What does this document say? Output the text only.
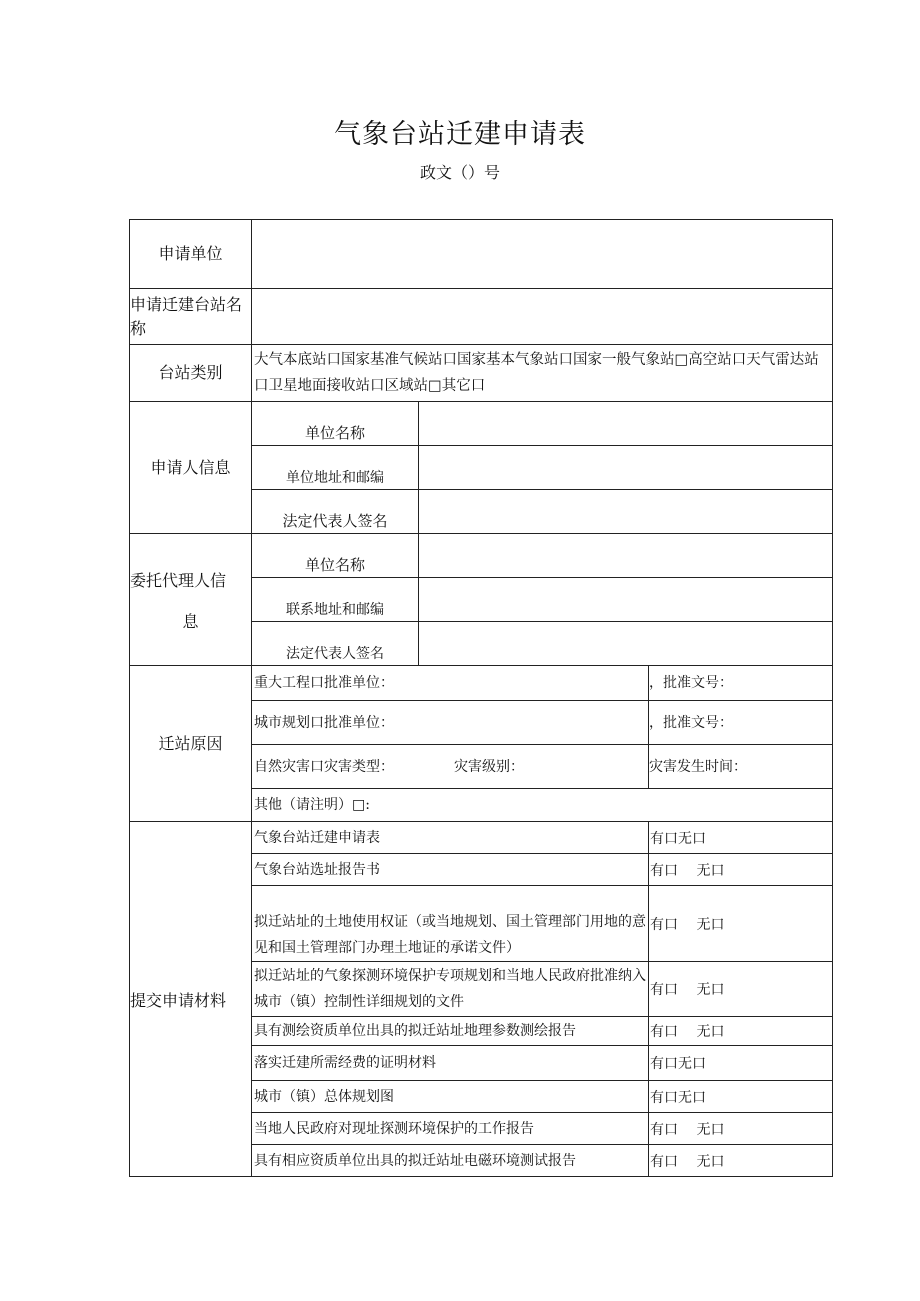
气象台站迁建申请表
政文（）号
申请单位			
申请迁建台站名称			
台站类别	大气本底站口国家基准气候站口国家基本气象站口国家一般气象站□高空站口天气雷达站口卫星地面接收站口区域站□其它口		
申请人信息	单位名称		
	单位地址和邮编		
	法定代表人签名		

委托代理人信
息	单位名称		
	联系地址和邮编		
	法定代表人签名		
迁站原因	重大工程口批准单位：		，批准文号：
	城市规划口批准单位：		，批准文号：
	自然灾害口灾害类型： 灾害级别：		灾害发生时间：
	其他（请注明）□:		
提交申请材料	气象台站迁建申请表		有口无口
	气象台站选址报告书		有口　 无口
	拟迁站址的土地使用权证（或当地规划、国土管理部门用地的意见和国土管理部门办理土地证的承诺文件）		有口　 无口
	拟迁站址的气象探测环境保护专项规划和当地人民政府批准纳入城市（镇）控制性详细规划的文件		有口　 无口
	具有测绘资质单位出具的拟迁站址地理参数测绘报告		有口　 无口
	落实迁建所需经费的证明材料		有口无口
	城市（镇）总体规划图		有口无口
	当地人民政府对现址探测环境保护的工作报告		有口　 无口
	具有相应资质单位出具的拟迁站址电磁环境测试报告		有口　 无口
